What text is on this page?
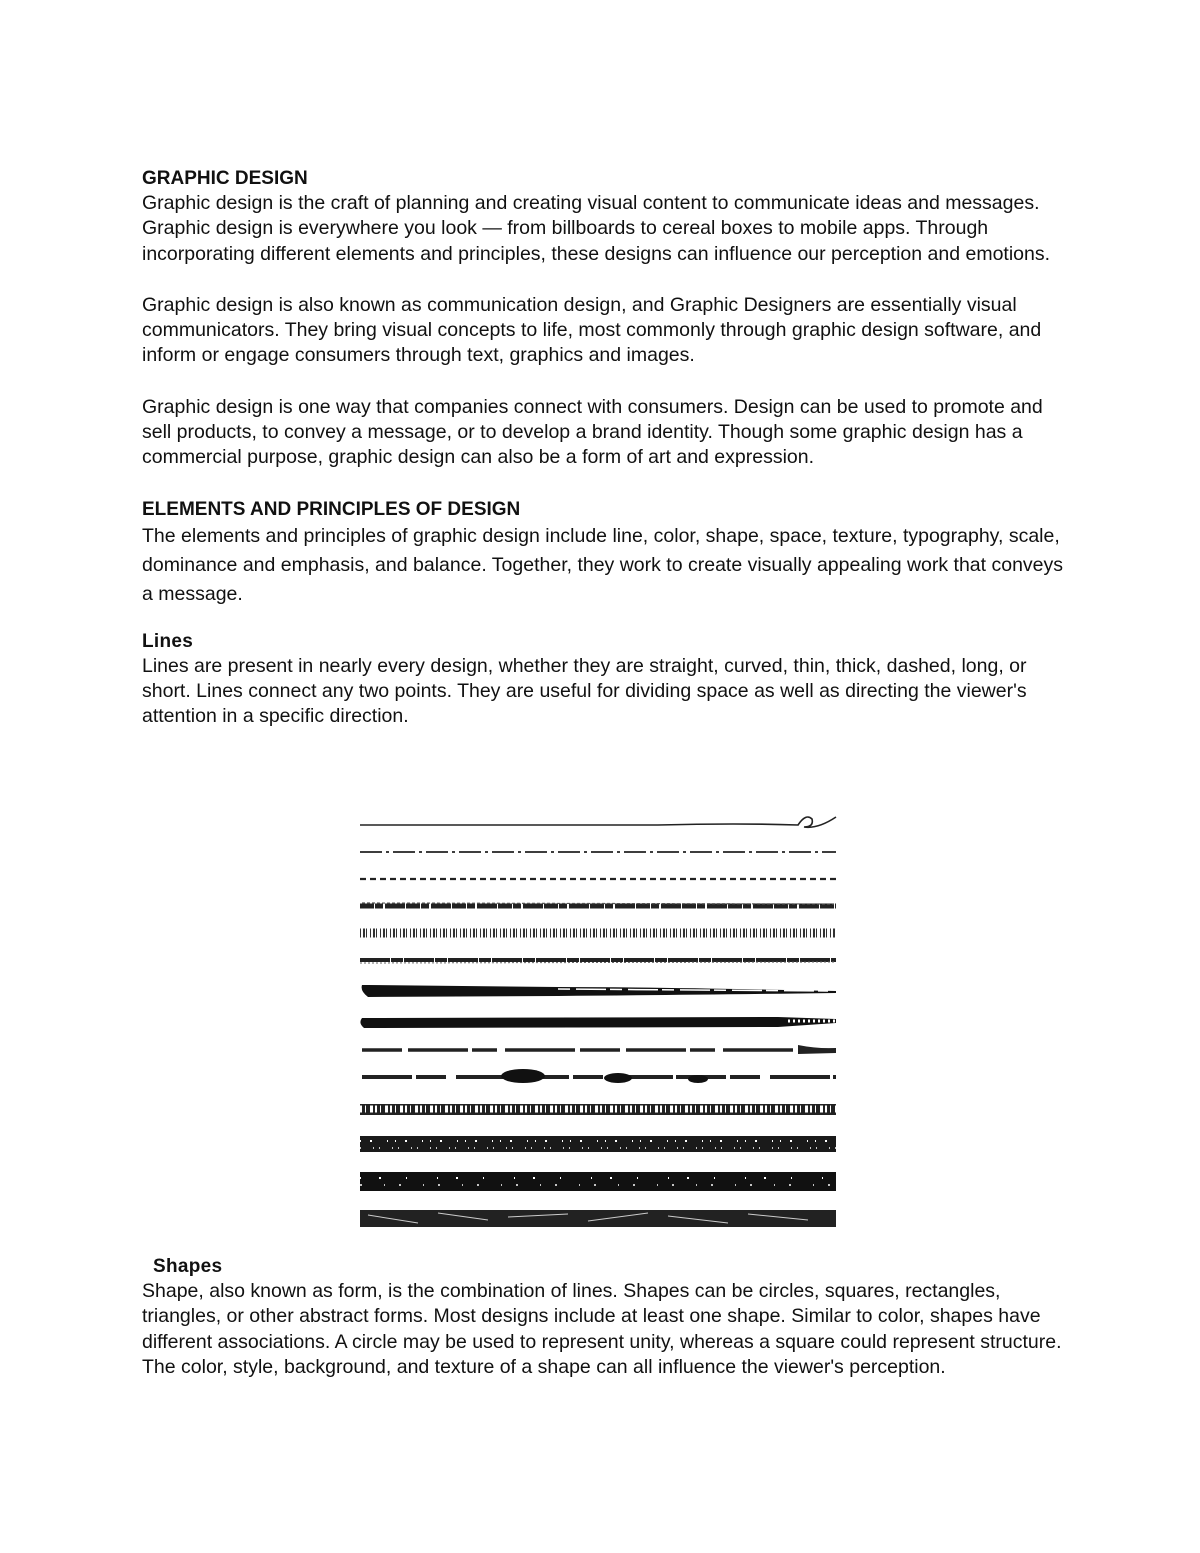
GRAPHIC DESIGN

Graphic design is the craft of planning and creating visual content to communicate ideas and messages. Graphic design is everywhere you look — from billboards to cereal boxes to mobile apps. Through incorporating different elements and principles, these designs can influence our perception and emotions.

Graphic design is also known as communication design, and Graphic Designers are essentially visual communicators. They bring visual concepts to life, most commonly through graphic design software, and inform or engage consumers through text, graphics and images.

Graphic design is one way that companies connect with consumers. Design can be used to promote and sell products, to convey a message, or to develop a brand identity. Though some graphic design has a commercial purpose, graphic design can also be a form of art and expression.

ELEMENTS AND PRINCIPLES OF DESIGN

The elements and principles of graphic design include line, color, shape, space, texture, typography, scale, dominance and emphasis, and balance. Together, they work to create visually appealing work that conveys a message.

Lines

Lines are present in nearly every design, whether they are straight, curved, thin, thick, dashed, long, or short. Lines connect any two points. They are useful for dividing space as well as directing the viewer's attention in a specific direction.

Shapes

Shape, also known as form, is the combination of lines. Shapes can be circles, squares, rectangles, triangles, or other abstract forms. Most designs include at least one shape. Similar to color, shapes have different associations. A circle may be used to represent unity, whereas a square could represent structure. The color, style, background, and texture of a shape can all influence the viewer's perception.
